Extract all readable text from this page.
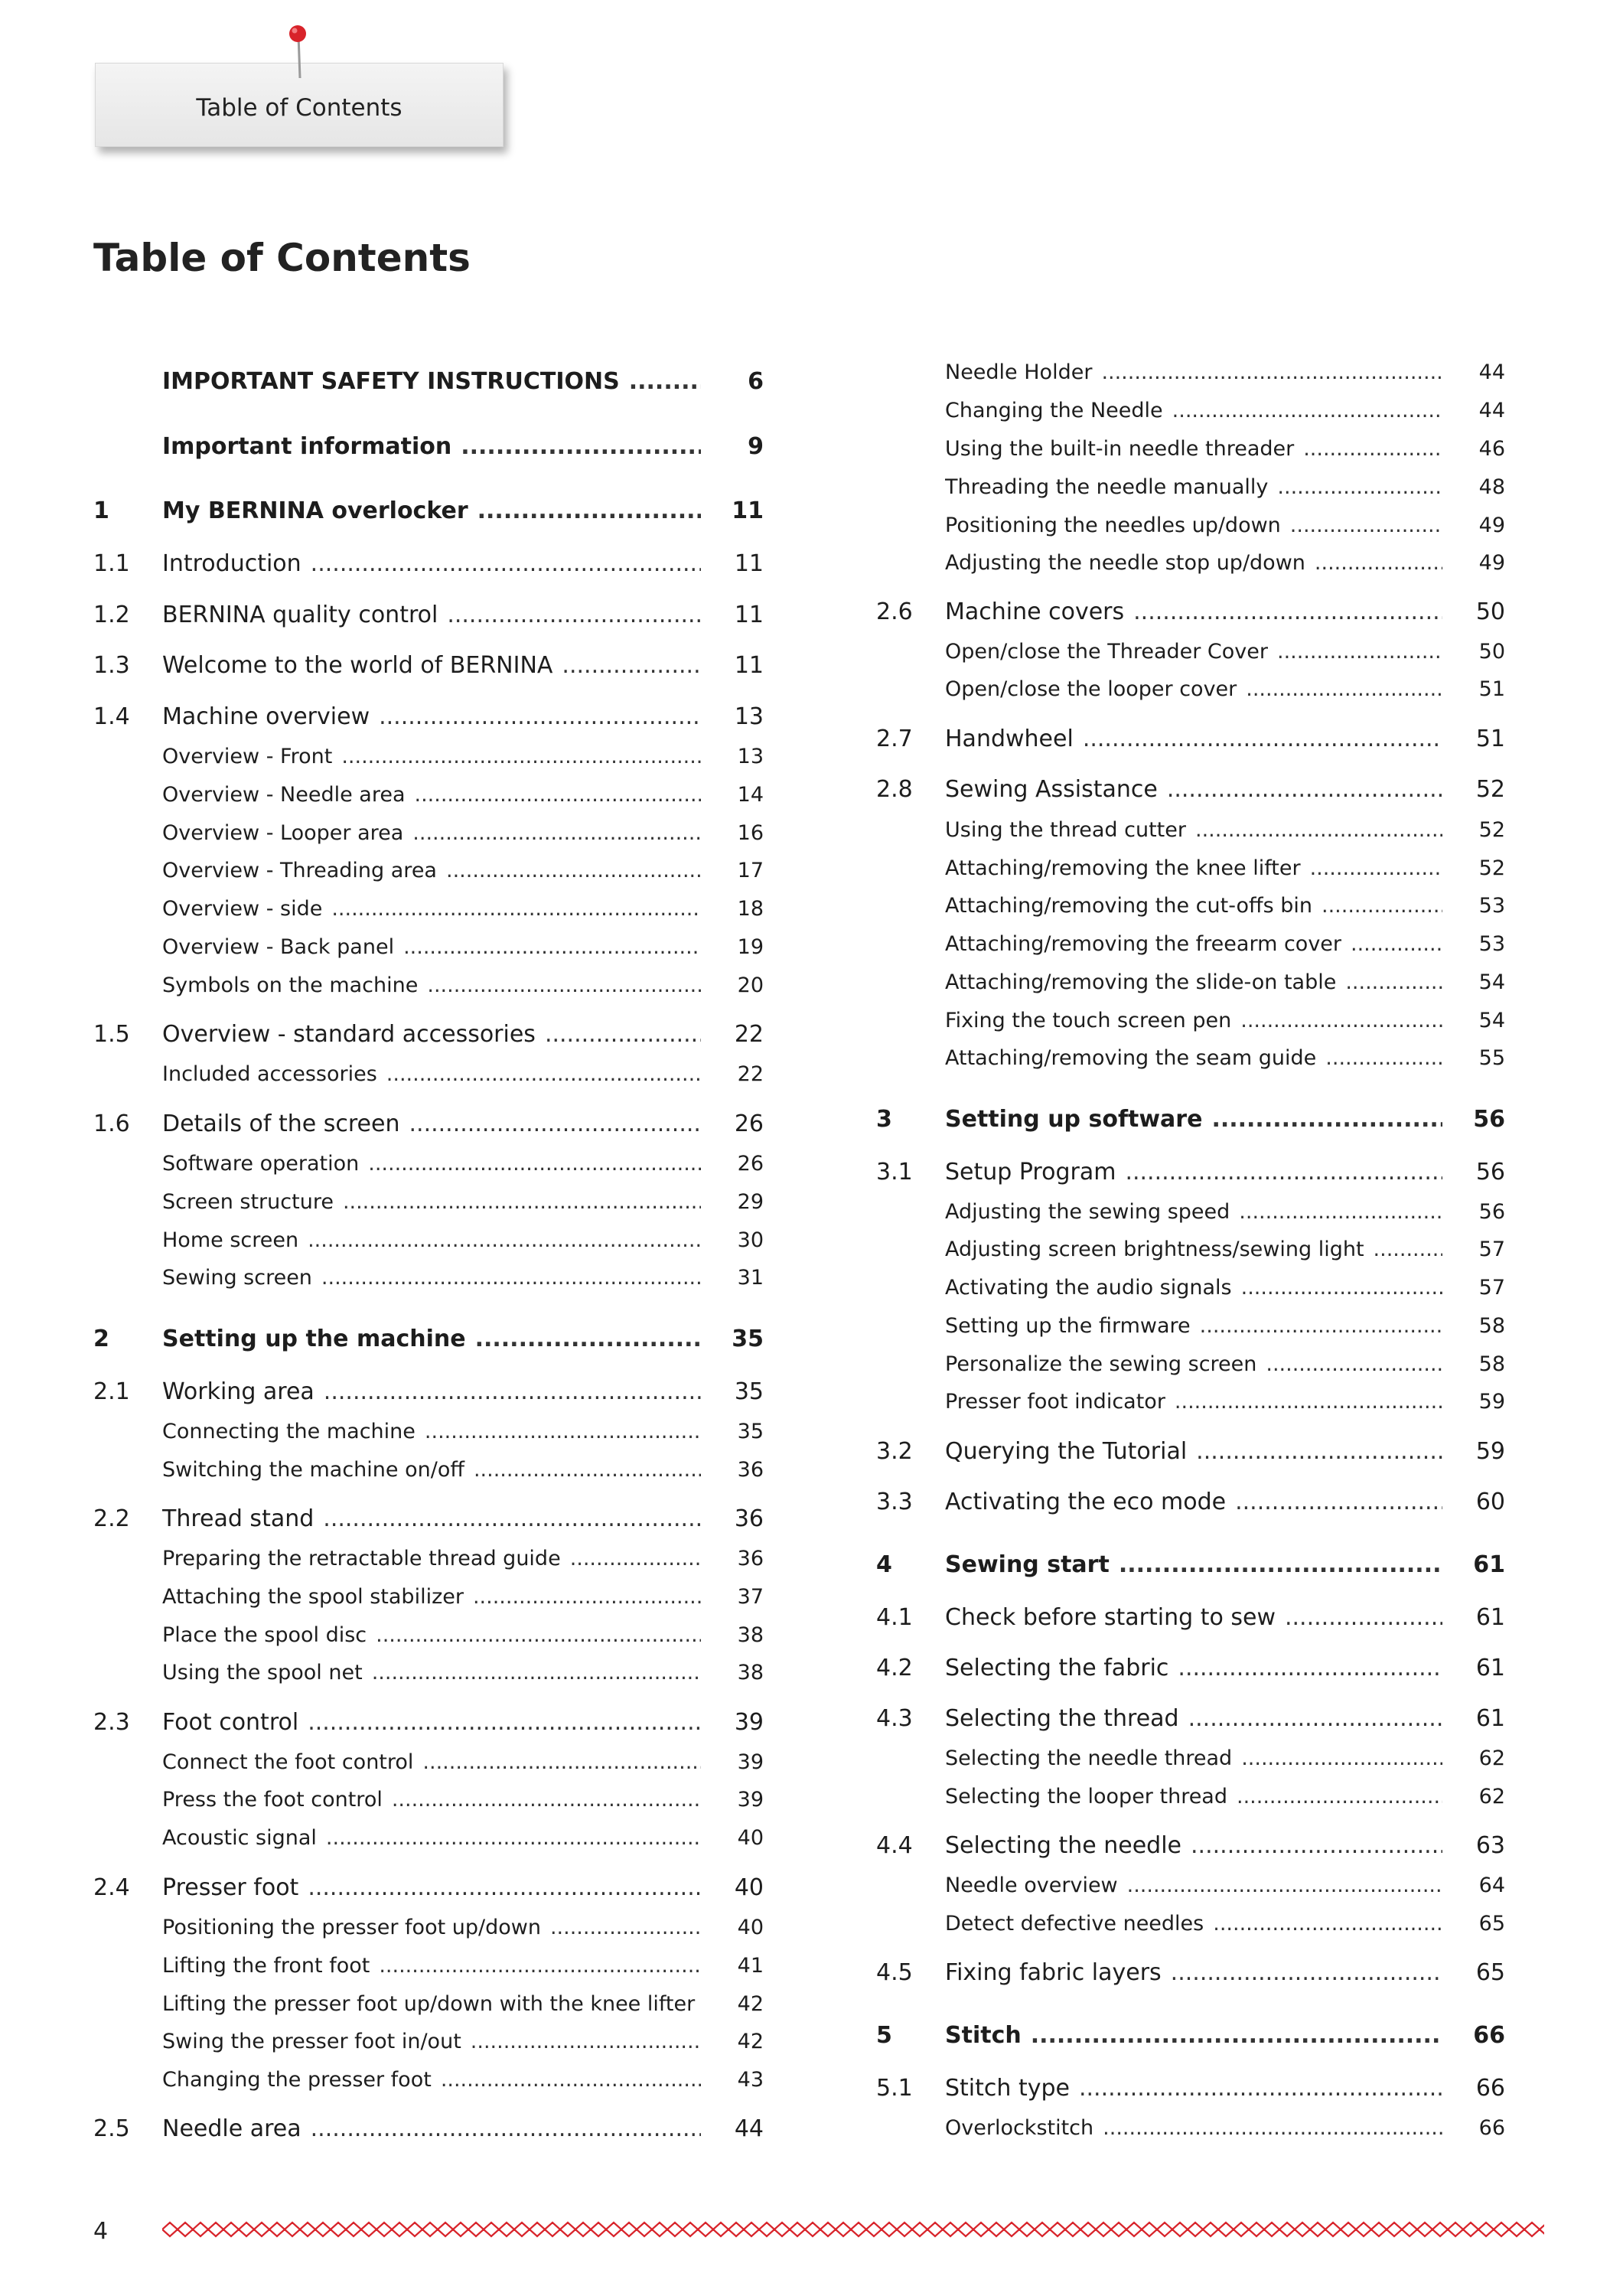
Table of Contents
Table of Contents
IMPORTANT SAFETY INSTRUCTIONS .....	6
Important information .....	9
1	My BERNINA overlocker .....	11
1.1	Introduction .....	11
1.2	BERNINA quality control .....	11
1.3	Welcome to the world of BERNINA .....	11
1.4	Machine overview .....	13
Overview - Front .....	13
Overview - Needle area .....	14
Overview - Looper area .....	16
Overview - Threading area .....	17
Overview - side .....	18
Overview - Back panel .....	19
Symbols on the machine .....	20
1.5	Overview - standard accessories .....	22
Included accessories .....	22
1.6	Details of the screen .....	26
Software operation .....	26
Screen structure .....	29
Home screen .....	30
Sewing screen .....	31
2	Setting up the machine .....	35
2.1	Working area .....	35
Connecting the machine .....	35
Switching the machine on/off .....	36
2.2	Thread stand .....	36
Preparing the retractable thread guide .....	36
Attaching the spool stabilizer .....	37
Place the spool disc .....	38
Using the spool net .....	38
2.3	Foot control .....	39
Connect the foot control .....	39
Press the foot control .....	39
Acoustic signal .....	40
2.4	Presser foot .....	40
Positioning the presser foot up/down .....	40
Lifting the front foot .....	41
Lifting the presser foot up/down with the knee lifter	42
Swing the presser foot in/out .....	42
Changing the presser foot .....	43
2.5	Needle area .....	44
Needle Holder .....	44
Changing the Needle .....	44
Using the built-in needle threader .....	46
Threading the needle manually .....	48
Positioning the needles up/down .....	49
Adjusting the needle stop up/down .....	49
2.6	Machine covers .....	50
Open/close the Threader Cover .....	50
Open/close the looper cover .....	51
2.7	Handwheel .....	51
2.8	Sewing Assistance .....	52
Using the thread cutter .....	52
Attaching/removing the knee lifter .....	52
Attaching/removing the cut-offs bin .....	53
Attaching/removing the freearm cover .....	53
Attaching/removing the slide-on table .....	54
Fixing the touch screen pen .....	54
Attaching/removing the seam guide .....	55
3	Setting up software .....	56
3.1	Setup Program .....	56
Adjusting the sewing speed .....	56
Adjusting screen brightness/sewing light .....	57
Activating the audio signals .....	57
Setting up the firmware .....	58
Personalize the sewing screen .....	58
Presser foot indicator .....	59
3.2	Querying the Tutorial .....	59
3.3	Activating the eco mode .....	60
4	Sewing start .....	61
4.1	Check before starting to sew .....	61
4.2	Selecting the fabric .....	61
4.3	Selecting the thread .....	61
Selecting the needle thread .....	62
Selecting the looper thread .....	62
4.4	Selecting the needle .....	63
Needle overview .....	64
Detect defective needles .....	65
4.5	Fixing fabric layers .....	65
5	Stitch .....	66
5.1	Stitch type .....	66
Overlockstitch .....	66
4
